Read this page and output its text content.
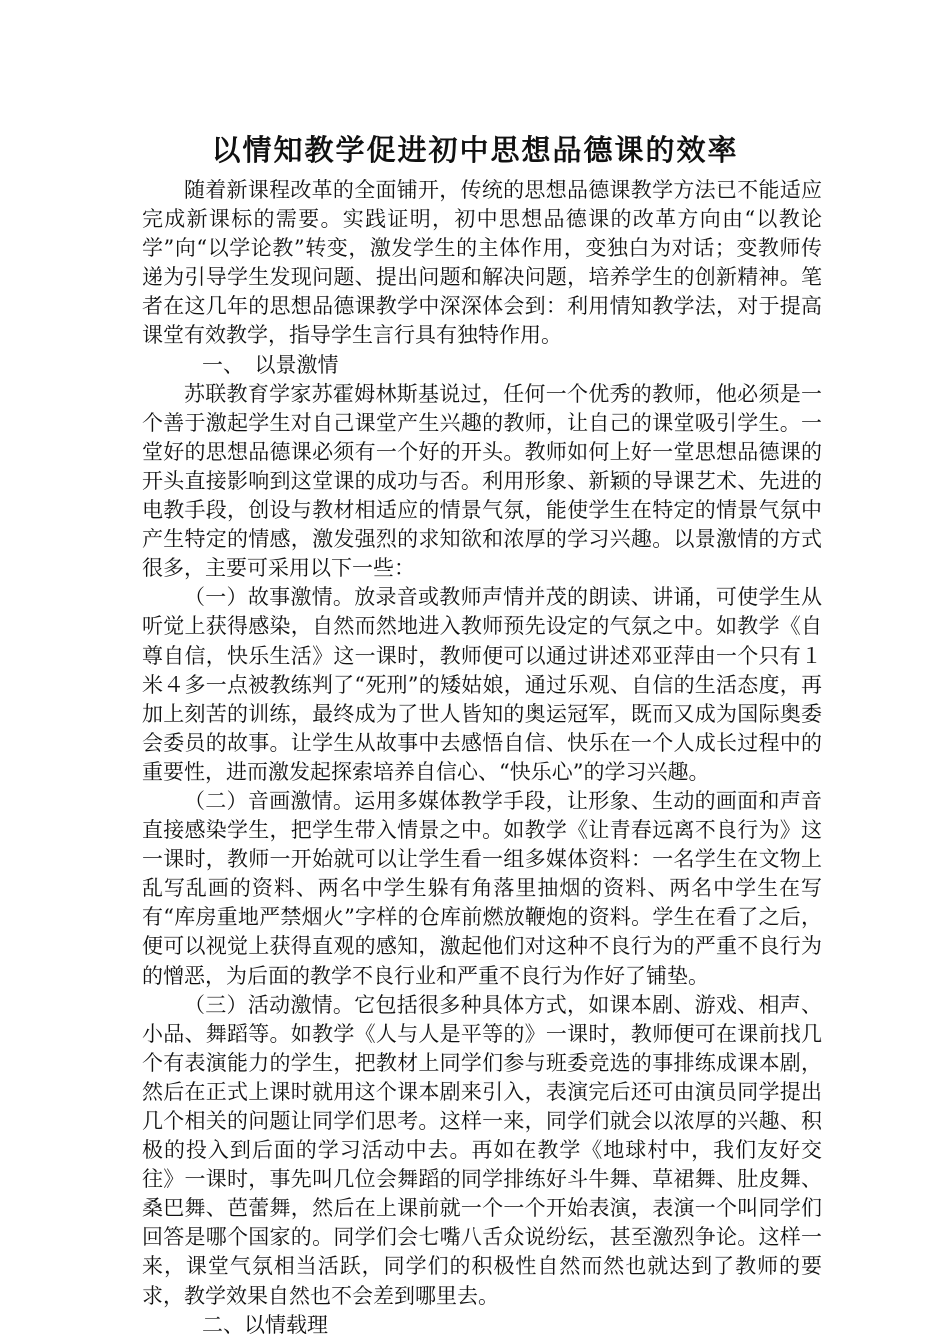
以情知教学促进初中思想品德课的效率

随着新课程改革的全面铺开，传统的思想品德课教学方法已不能适应完成新课标的需要。实践证明，初中思想品德课的改革方向由“以教论学”向“以学论教”转变，激发学生的主体作用，变独白为对话；变教师传递为引导学生发现问题、提出问题和解决问题，培养学生的创新精神。笔者在这几年的思想品德课教学中深深体会到：利用情知教学法，对于提高课堂有效教学，指导学生言行具有独特作用。

一、　以景激情

苏联教育学家苏霍姆林斯基说过，任何一个优秀的教师，他必须是一个善于激起学生对自己课堂产生兴趣的教师，让自己的课堂吸引学生。一堂好的思想品德课必须有一个好的开头。教师如何上好一堂思想品德课的开头直接影响到这堂课的成功与否。利用形象、新颖的导课艺术、先进的电教手段，创设与教材相适应的情景气氛，能使学生在特定的情景气氛中产生特定的情感，激发强烈的求知欲和浓厚的学习兴趣。以景激情的方式很多，主要可采用以下一些：

（一）故事激情。放录音或教师声情并茂的朗读、讲诵，可使学生从听觉上获得感染，自然而然地进入教师预先设定的气氛之中。如教学《自尊自信，快乐生活》这一课时，教师便可以通过讲述邓亚萍由一个只有１米４多一点被教练判了“死刑”的矮姑娘，通过乐观、自信的生活态度，再加上刻苦的训练，最终成为了世人皆知的奥运冠军，既而又成为国际奥委会委员的故事。让学生从故事中去感悟自信、快乐在一个人成长过程中的重要性，进而激发起探索培养自信心、“快乐心”的学习兴趣。

（二）音画激情。运用多媒体教学手段，让形象、生动的画面和声音直接感染学生，把学生带入情景之中。如教学《让青春远离不良行为》这一课时，教师一开始就可以让学生看一组多媒体资料：一名学生在文物上乱写乱画的资料、两名中学生躲有角落里抽烟的资料、两名中学生在写有“库房重地严禁烟火”字样的仓库前燃放鞭炮的资料。学生在看了之后，便可以视觉上获得直观的感知，激起他们对这种不良行为的严重不良行为的憎恶，为后面的教学不良行业和严重不良行为作好了铺垫。

（三）活动激情。它包括很多种具体方式，如课本剧、游戏、相声、小品、舞蹈等。如教学《人与人是平等的》一课时，教师便可在课前找几个有表演能力的学生，把教材上同学们参与班委竞选的事排练成课本剧，然后在正式上课时就用这个课本剧来引入，表演完后还可由演员同学提出几个相关的问题让同学们思考。这样一来，同学们就会以浓厚的兴趣、积极的投入到后面的学习活动中去。再如在教学《地球村中，我们友好交往》一课时，事先叫几位会舞蹈的同学排练好斗牛舞、草裙舞、肚皮舞、桑巴舞、芭蕾舞，然后在上课前就一个一个开始表演，表演一个叫同学们回答是哪个国家的。同学们会七嘴八舌众说纷纭，甚至激烈争论。这样一来，课堂气氛相当活跃，同学们的积极性自然而然也就达到了教师的要求，教学效果自然也不会差到哪里去。

二、以情载理
